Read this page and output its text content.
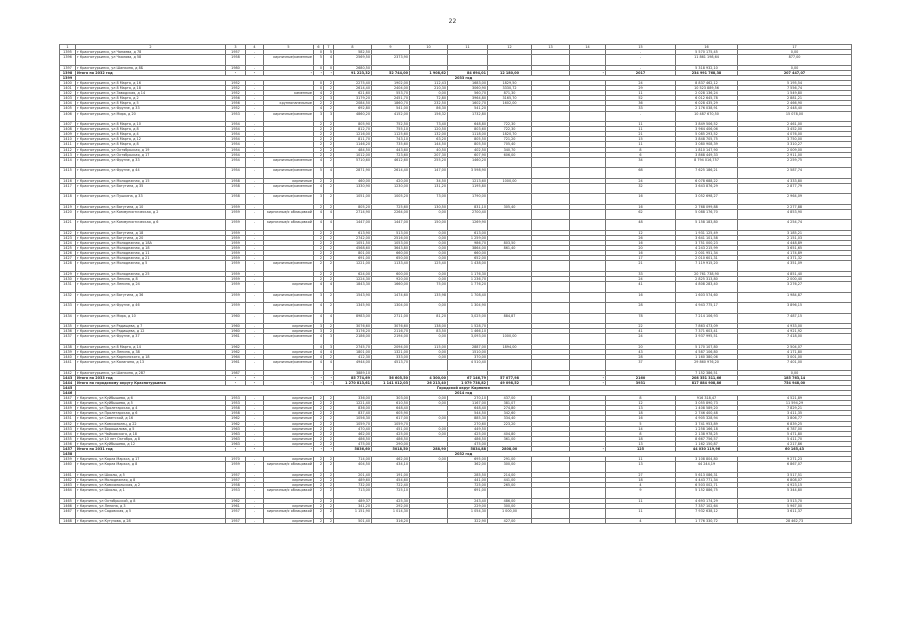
22
1	2	3	4	5	6	7	8	9	10	11	12	13	14	15	16	17	
1395	г Краснотурьинск, ул Чапаева, д 78	1957	-		0	5	582,50							-	5 570 175,45	0,00		
1396	г Краснотурьинск, ул Чкалова, д 58	1958	-	кирпичные/каменные	5	4	2569,50	2373,90						-	11 861 198,64	877,00		
1397	г Краснотурьинск, ул Шапкина, д 8Б	1980	-		0	0	2680,50							-	5 318 932,10	0,00		
1398	Итого по 2032 год	-	-	-	-	-	91 223,32	52 744,00	1 908,62	84 694,01	12 180,00		-	2017	234 991 768,38	207 447,07		
1399	2033 год																
1400	г Краснотурьинск, ул 8 Марта, д 16	1952	-		0	2	2275,40	1902,00	112,43	1683,00	1829,50			24	8 837 462,12	5 195,54		
1401	г Краснотурьинск, ул 8 Марта, д 18	1952	-		0	2	2614,40	2404,00	210,30	3060,90	3330,72			29	10 523 889,56	7 556,74		
1402	г Краснотурьинск, ул Заводская, д 14	1952	-	каменные	4	2	621,60	553,70	0,00	560,70	871,30			11	2 028 136,24	1 549,80		
1403	г Краснотурьинск, ул 8 Марта, д 2	1956	-		2	3	3179,20	2451,70	72,80	3964,80	3165,70			52	6 012 645,78	2 881,21		
1404	г Краснотурьинск, ул 8 Марта, д 5	1956	-	крупнопанельные	2	2	2084,50	1860,70	232,50	1602,70	1602,00			36	6 028 435,29	2 466,90		
1405	г Краснотурьинск, ул Фрунзе, д 33	1952	-		4	2	692,80	541,00	86,30	541,20				33	2 176 038,91	2 448,40		
1406	г Краснотурьинск, ул Мира, д 20	1953	-	кирпичные/каменные	3	3	4860,20	4152,00	156,32	1732,80				-	10 487 670,50	15 078,00		
1407	г Краснотурьинск, ул 8 Марта, д 10	1954	-		2	2	805,90	752,50	73,40	648,80	722,30			11	3 849 506,52	2 461,00		
1408	г Краснотурьинск, ул 8 Марта, д 8	1954	-		2	2	812,70	755,10	120,50	803,60	722,30			11	3 964 406,06	3 452,00		
1409	г Краснотурьинск, ул 8 Марта, д 4	1954	-		2	2	1216,00	1125,60	132,00	1118,00	1820,70			21	5 085 293,52	4 076,00		
1410	г Краснотурьинск, ул 8 Марта, д 12	1954	-		2	2	811,70	743,10	63,20	805,50	721,20			15	3 848 705,75	3 750,00		
1411	г Краснотурьинск, ул 8 Марта, д 8	1954	-		2	2	1146,20	735,60	144,50	805,50	705,40			11	3 080 908,39	3 310,27		
1412	г Краснотурьинск, ул Октябрьская, д 19	1954	-		2	2	484,50	443,60	40,50	402,50	340,70			8	1 810 147,90	2 009,00		
1413	г Краснотурьинск, ул Октябрьская, д 17	1954	-		2	2	1012,00	723,60	207,30	607,90	606,00			6	3 868 449,33	2 911,00		
1414	г Краснотурьинск, ул Фрунзе, д 33	1954	-	кирпичные/каменные	4	2	5710,60	4612,60	255,20	1460,20				34	8 794 016,757	2 259,75		
1415	г Краснотурьинск, ул Фрунзе, д 44	1954	-	кирпичные/каменные	5	4	2871,90	2614,40	147,00	3 598,90				68	7 625 186,21	2 587,74		
1416	г Краснотурьинск, ул Молодежная, д 15	1958	-	кирпичные	2	2	460,00	420,00	34,50	1213,60	1000,00			24	6 078 688,22	4 333,80		
1417	г Краснотурьинск, ул Ватутина, д 35	1958	-	кирпичные/каменные	4	2	1330,90	1230,00	131,20	1195,80				32	3 643 876,29	2 877,79		
1418	г Краснотурьинск, ул Пушкина, д 33	1958	-	кирпичные/каменные	3	2	1051,00	1005,20	73,00	1790,00				16	3 052 698,27	2 964,09		
1419	г Краснотурьинск, ул Ватутина, д 10	1959	-		2	2	805,20	725,60	130,50	831,10	305,40			16	2 768 099,88	2 277,88		
1420	г Краснотурьинск, ул Коммунистическая, д 2	1959	-	кирпичные/с облицовкой	4	4	2714,90	2264,00	0,00	2700,40				62	5 088 176,70	4 853,90		
1421	г Краснотурьинск, ул Коммунистическая, д 6	1959	-	кирпичные/с облицовкой	4	4	1447,00	1447,00	150,00	1269,90				48	5 158 183,80	4 254,74		
1422	г Краснотурьинск, ул Ватутина, д 18	1959	-		2	2	613,90	513,00	0,00	613,00				12	1 931 125,49	3 185,21		
1423	г Краснотурьинск, ул Ватутина, д 20	1959	-		2	2	2742,00	2516,00	0,00	1 259,00				26	3 641 101,58	2 151,03		
1424	г Краснотурьинск, ул Молодежная, д 18А	1959	-		2	2	1051,50	1053,00	0,00	986,70	803,50			16	3 751 000,23	4 448,89		
1425	г Краснотурьинск, ул Молодежная, д 18	1959	-		2	2	4568,60	3643,80	0,00	3864,00	861,40			20	4 243 215,99	3 651,65		
1426	г Краснотурьинск, ул Молодежная, д 11	1959	-		2	2	801,00	660,00	0,00	660,00				16	2 001 951,34	4 174,89		
1427	г Краснотурьинск, ул Молодежная, д 21	1959	-		2	2	691,00	650,00	0,00	652,00				17	2 010 601,31	4 371,32		
1428	г Краснотурьинск, ул Молодежная, д 5	1959	-	кирпичные/каменные	2	2	1221,00	1133,40	125,40	1 438,00				21	7 119 915,20	4 351,09		
1429	г Краснотурьинск, ул Молодежная, д 25	1959	-		2	2	624,00	600,00	0,00	1 176,30				33	20 761 738,90	4 851,40		
1430	г Краснотурьинск, ул Ленина, д 8	1959	-		2	2	1224,30	920,00	0,00	1 236,70				24	2 825 313,80	2 000,40		
1431	г Краснотурьинск, ул Ленина, д 24	1959	-	кирпичные	4	4	1843,30	1660,00	75,00	1 776,20				41	4 808 283,40	3 276,27		
1432	г Краснотурьинск, ул Ватутина, д 36	1959	-	кирпичные/каменные	3	2	1543,90	1474,60	135,98	1 708,40				16	1 603 574,60	1 984,87		
1433	г Краснотурьинск, ул Фрунзе, д 46	1959	-	кирпичные/каменные	4	2	1345,90	1304,00	0,00	1 304,90				28	4 943 775,17	3 896,15		
1434	г Краснотурьинск, ул Мира, д 10	1960	-	кирпичные/каменные	4	4	8983,00	2711,00	81,20	3,025,00	884,87			78	7 214 106,93	7 487,15		
1435	г Краснотурьинск, ул Радищева, д 7	1960	-	кирпичные	3	2	3076,60	3076,60	138,00	1 528,70				22	7 863 473,09	4 933,00		
1436	г Краснотурьинск, ул Радищева, д 12	1960	-	кирпичные	3	2	3176,20	2116,70	83,50	1 466,10				41	7 371 603,41	4 921,92		
1437	г Краснотурьинск, ул Фрунзе, д 37	1961	-	кирпичные/каменные	4	3	2186,00	2194,00	0,00	3,093,00	1000,00			24	3 937 995,51	7 418,00		
1438	г Краснотурьинск, ул 8 Марта, д 14	1962	-		4	3	2745,70	2094,00	115,00	2887,00	1894,00			20	5 170 107,80	2 504,07		
1439	г Краснотурьинск, ул Ленина, д 38	1962	-	кирпичные	4	4	1801,00	1321,00	0,00	1510,00				43	4 587 106,80	4 171,80		
1440	г Краснотурьинск, ул Карпинского, д 18	1964	-	кирпичные	4	2	412,30	333,00	0,00	370,00				28	1 160 380,06	3 001,00		
1441	г Краснотурьинск, ул Калинина, д 13	1961	-	кирпичные/каменные	4	4	4944,00	4513,70		4 510,40				37	29 860 976,20	7 401,00		
1442	г Краснотурьинск, ул Шапкина, д 2В7	1987	-				3889,10								7 152 386,51	0,00		
1443	Итого по 2033 год	-	-	-	-	-	85 774,69	56 605,50	4 300,00	67 146,79	57 077,98		-	2160	208 351 311,66	185 763,14		
1444	Итого по городскому округу Краснотурьинск	-	-	-	-	-	1 270 813,61	1 141 012,03	26 213,40	1 079 738,82	49 098,52		-	3931	817 884 908,86	754 948,00		
1445	Городской округ Карпинск																
1446	2014 год																
1447	г Карпинск, ул Куйбышева, д 6	1953	-	кирпичные	2	2	336,00	303,00	0,00	270,10	437,00			8	916 318,47	4 521,89		
1448	г Карпинск, ул Куйбышева, д 5	1953	-	кирпичные	2	2	1221,40	610,50	0,00	1167,00	381,07			12	3 055 890,73	11 594,29		
1449	г Карпинск, ул Пролетарская, д 4	1958	-	кирпичные	2	2	836,00	648,40		648,40	274,80			13	1 408 589,20	7 829,21		
1450	г Карпинск, ул Пролетарская, д 6	1958	-	кирпичные	2	2	837,40	605,90		544,50	342,60			18	2 746 400,48	3 411,35		
1451	г Карпинск, ул Советской, д 16	1962	-	кирпичные	2	2	1056,30	617,00	0,00	885,30	334,40			16	4 905 328,94	3 806,77		
1452	г Карпинск, ул Комсомолец, д 22	1962	-	кирпичные	2	2	1059,70	1059,70		270,60	223,20			5	3 741 953,89	6 839,25		
1453	г Карпинск, ул Ворошилова, д 5	1963	-	кирпичные	2	2	470,40	451,00	0,00	449,50				14	1 258 166,18	6 787,00		
1454	г Карпинск, ул Чайковского, д 18	1963	-	кирпичные	2	2	462,00	425,00	0,00	425,00	404,80			8	2 138 978,25	5 471,80		
1455	г Карпинск, ул 10 лет Октября, д 8	1963	-	кирпичные	2	2	486,50	486,50		486,50	361,00			18	8 667 756,57	5 411,70		
1456	г Карпинск, ул Куйбышева, д 12	1963	-	кирпичные	2	2	475,00	290,00		475,00				13	1 162 150,87	4 217,86		
1457	Итого по 2031 год	-	-	-	-	-	5836,60	5018,50	288,90	5834,88	2808,00		-	125	44 030 119,96	60 165,43		
1458	2032 год																
1459	г Карпинск, ул Карла Маркса, д 17	1970	-	кирпичные	2	2	714,00	462,00	0,00	695,00	291,00			11	3 108 804,80	9 271,23		
1460	г Карпинск, ул Карла Маркса, д 8	1959	-	кирпичные/с облицовкой	2	2	404,50	434,10		362,00	300,00			13	44 244,19	6 867,07		
1461	г Карпинск, ул Школы, д 5	1957	-	кирпичные	2	2	201,40	191,00		285,50	214,00			27	5 613 086,31	3 517,51		
1462	г Карпинск, ул Молодежная, д 8	1957	-	кирпичные	2	2	489,60	454,60		441,00	441,00			18	4 443 771,34	6 808,07		
1463	г Карпинск, ул Комсомольская, д 2	1958	-	кирпичные	2	2	732,00	722,40		725,00	265,00			4	6 503 002,71	4 923,15		
1464	г Карпинск, ул Школы, д 1	1953	-	кирпичные/с облицовкой	2	2	713,00	725,10		691,00				9	5 152 886,75	5 344,80		
1465	г Карпинск, ул Октябрьской, д 8	1962	-		2	2	489,37	425,30		243,40	486,00			11	4 693 174,29	3 513,70		
1466	г Карпинск, ул Ленина, д 3	1961	-	кирпичные	2	2	341,20	292,00		229,00	300,00				7 357 102,64	5 967,00		
1467	г Карпинск, ул Садовская, д 5	1957	-	кирпичные/с облицовкой	2	2	1 151,90	1 014,30		1 054,30	1 000,00			11	7 932 638,12	3 611,37		
1468	г Карпинск, ул Кутузова, д 28	1957	-	кирпичные	2	2	501,40	316,20		322,90	427,00			4	1 776 330,72	28 462,73		
